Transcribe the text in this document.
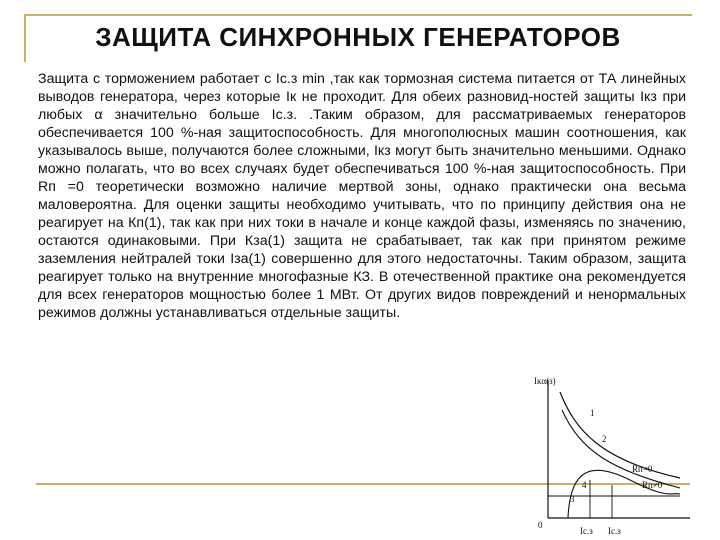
ЗАЩИТА СИНХРОННЫХ ГЕНЕРАТОРОВ

Защита с торможением работает с Iс.з min ,так как тормозная система питается от ТА линейных выводов генератора, через которые Iк не проходит. Для обеих разновид-ностей защиты Iкз при любых α значительно больше Iс.з. .Таким образом, для рассматриваемых генераторов обеспечивается 100 %-ная защитоспособность. Для многополюсных машин соотношения, как указывалось выше, получаются более сложными, Iкз могут быть значительно меньшими. Однако можно полагать, что во всех случаях будет обеспечиваться 100 %-ная защитоспособность. При Rп =0 теоретически возможно наличие мертвой зоны, однако практически она весьма маловероятна. Для оценки защиты необходимо учитывать, что по принципу действия она не реагирует на Кп(1), так как при них токи в начале и конце каждой фазы, изменяясь по значению, остаются одинаковыми. При Кза(1) защита не срабатывает, так как при принятом режиме заземления нейтралей токи Iза(1) совершенно для этого недостаточны. Таким образом, защита реагирует только на внутренние многофазные КЗ. В отечественной практике она рекомендуется для всех генераторов мощностью более 1 МВт. От других видов повреждений и ненормальных режимов должны устанавливаться отдельные защиты.

Iкα(з)
0
1
2
3
4
Rп=0
Rп≠0
Iс.з Iс.з
